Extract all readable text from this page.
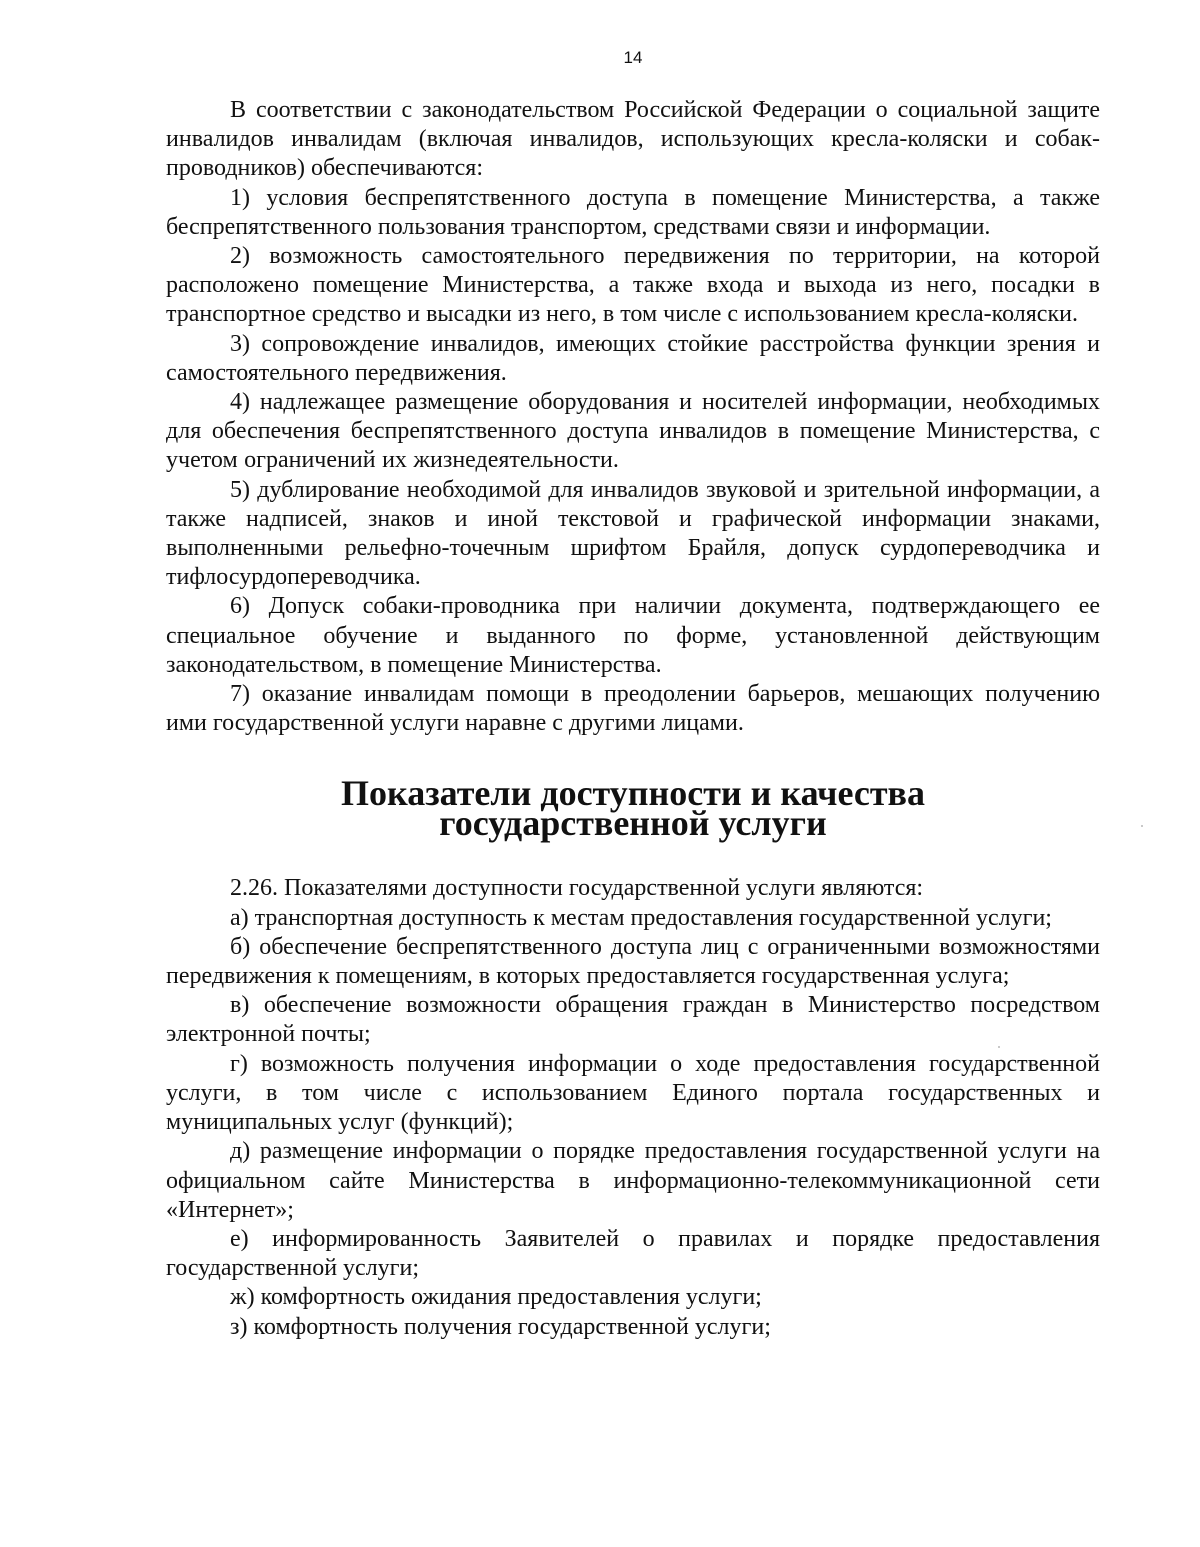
14

В соответствии с законодательством Российской Федерации о социальной защите инвалидов инвалидам (включая инвалидов, использующих кресла-коляски и собак-проводников) обеспечиваются:

1) условия беспрепятственного доступа в помещение Министерства, а также беспрепятственного пользования транспортом, средствами связи и информации.

2) возможность самостоятельного передвижения по территории, на которой расположено помещение Министерства, а также входа и выхода из него, посадки в транспортное средство и высадки из него, в том числе с использованием кресла-коляски.

3) сопровождение инвалидов, имеющих стойкие расстройства функции зрения и самостоятельного передвижения.

4) надлежащее размещение оборудования и носителей информации, необходимых для обеспечения беспрепятственного доступа инвалидов в помещение Министерства, с учетом ограничений их жизнедеятельности.

5) дублирование необходимой для инвалидов звуковой и зрительной информации, а также надписей, знаков и иной текстовой и графической информации знаками, выполненными рельефно-точечным шрифтом Брайля, допуск сурдопереводчика и тифлосурдопереводчика.

6) Допуск собаки-проводника при наличии документа, подтверждающего ее специальное обучение и выданного по форме, установленной действующим законодательством, в помещение Министерства.

7) оказание инвалидам помощи в преодолении барьеров, мешающих получению ими государственной услуги наравне с другими лицами.

Показатели доступности и качества
государственной услуги

2.26. Показателями доступности государственной услуги являются:

а) транспортная доступность к местам предоставления государственной услуги;

б) обеспечение беспрепятственного доступа лиц с ограниченными возможностями передвижения к помещениям, в которых предоставляется государственная услуга;

в) обеспечение возможности обращения граждан в Министерство посредством электронной почты;

г) возможность получения информации о ходе предоставления государственной услуги, в том числе с использованием Единого портала государственных и муниципальных услуг (функций);

д) размещение информации о порядке предоставления государственной услуги на официальном сайте Министерства в информационно-телекоммуникационной сети «Интернет»;

е) информированность Заявителей о правилах и порядке предоставления государственной услуги;

ж) комфортность ожидания предоставления услуги;

з) комфортность получения государственной услуги;
